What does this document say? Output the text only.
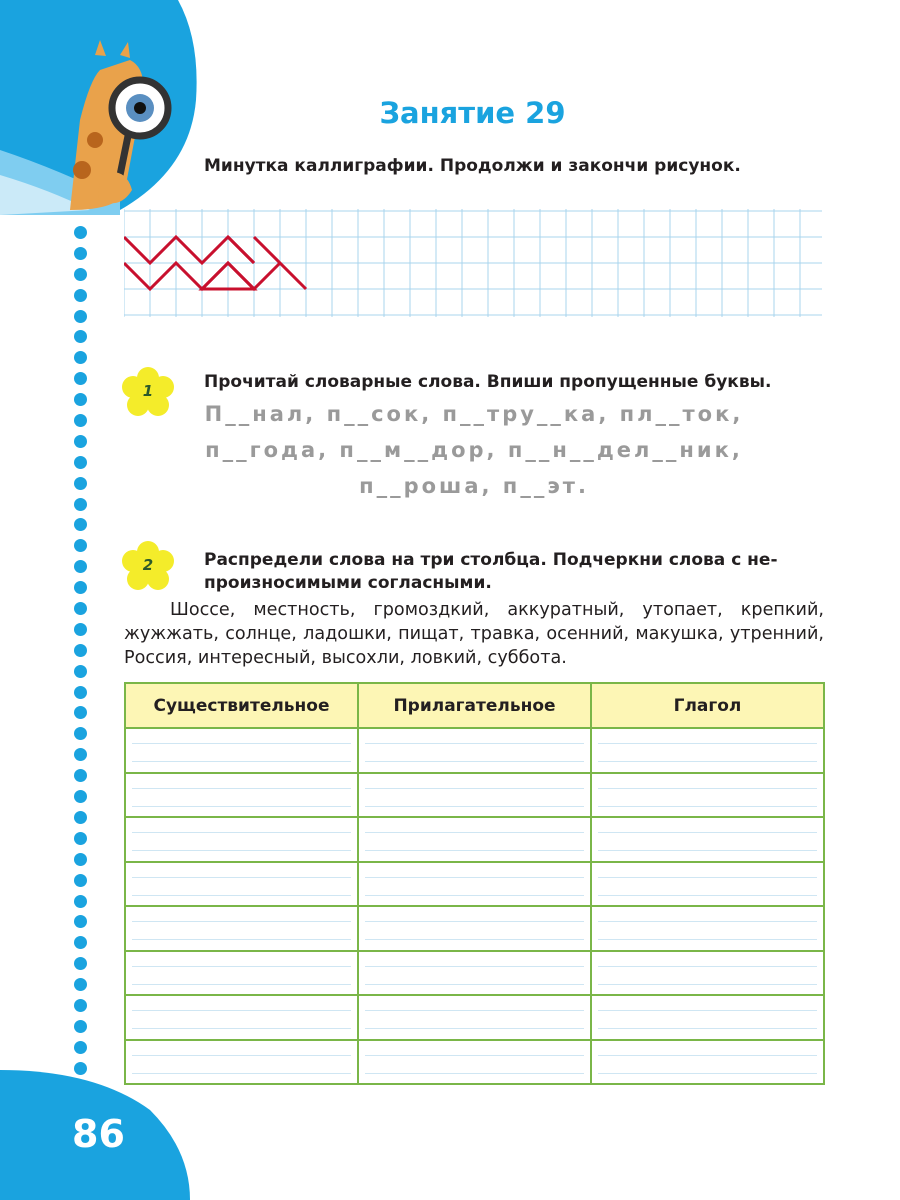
Занятие 29
Минутка каллиграфии. Продолжи и закончи рисунок.
1	Прочитай словарные слова. Впиши пропущенные буквы.
П__нал, п__сок, п__тру__ка, пл__ток,
п__года, п__м__дор, п__н__дел__ник,
п__роша, п__эт.
2	Распредели слова на три столбца. Подчеркни слова с не-
произносимыми согласными.
Шоссе, местность, громоздкий, аккуратный, утопает, крепкий, жужжать, солнце, ладошки, пищат, травка, осенний, макушка, утренний, Россия, интересный, высохли, ловкий, суббота.
Существительное	Прилагательное	Глагол

86
